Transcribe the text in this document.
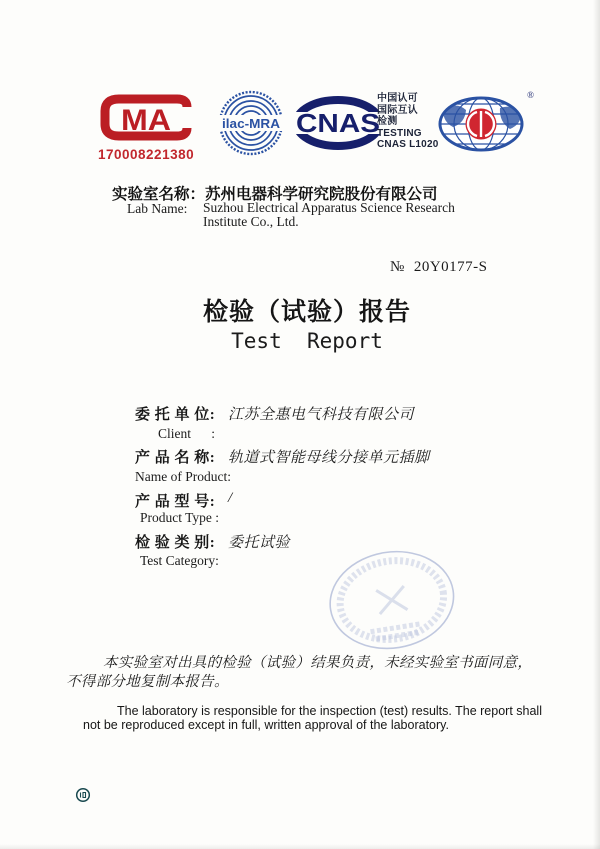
MA
170008221380
ilac-MRA CNAS
中国认可
国际互认
检测
TESTING
CNAS L1020
®
实验室名称：苏州电器科学研究院股份有限公司
Lab Name: Suzhou Electrical Apparatus Science Research
Institute Co., Ltd.
№ 20Y0177-S
检验（试验）报告
Test  Report
委 托 单 位: 江苏全惠电气科技有限公司
Client      :
产 品 名 称: 轨道式智能母线分接单元插脚
Name of Product:
产 品 型 号: /
Product Type :
检 验 类 别: 委托试验
Test Category:
本实验室对出具的检验（试验）结果负责，未经实验室书面同意，
不得部分地复制本报告。
The laboratory is responsible for the inspection (test) results. The report shall
not be reproduced except in full, written approval of the laboratory.
